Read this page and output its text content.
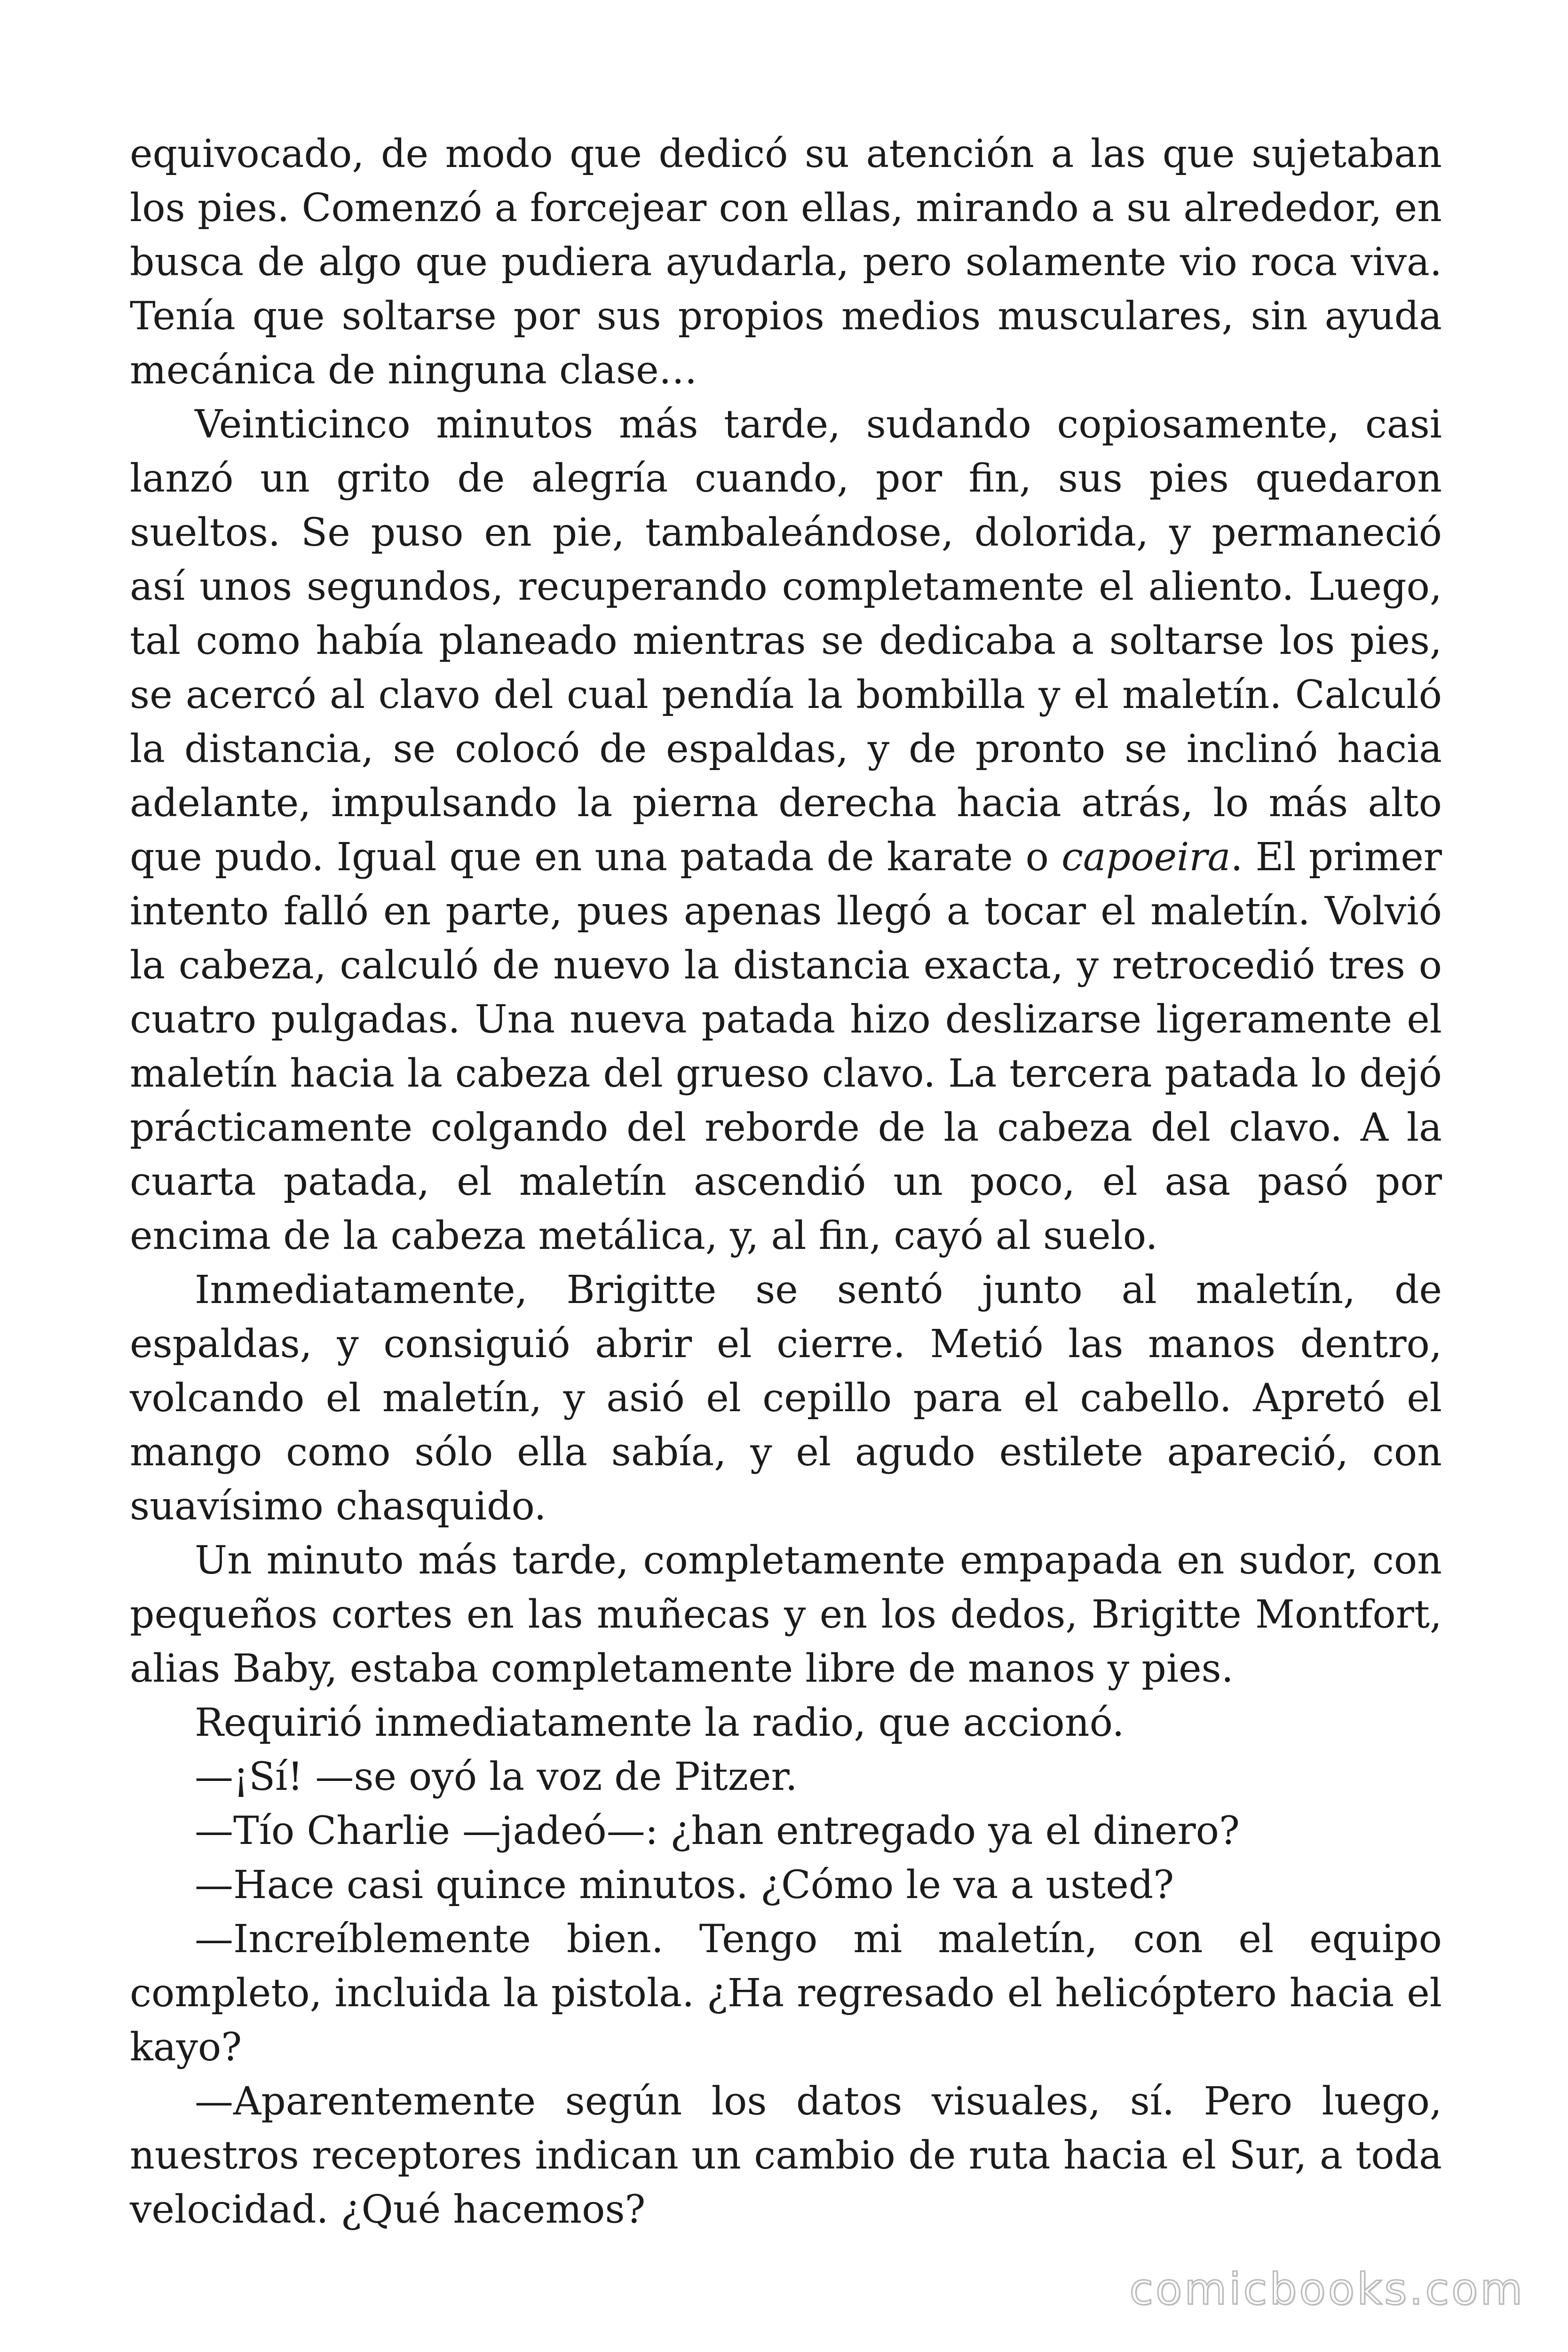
equivocado, de modo que dedicó su atención a las que sujetaban los pies. Comenzó a forcejear con ellas, mirando a su alrededor, en busca de algo que pudiera ayudarla, pero solamente vio roca viva. Tenía que soltarse por sus propios medios musculares, sin ayuda mecánica de ninguna clase…

Veinticinco minutos más tarde, sudando copiosamente, casi lanzó un grito de alegría cuando, por fin, sus pies quedaron sueltos. Se puso en pie, tambaleándose, dolorida, y permaneció así unos segundos, recuperando completamente el aliento. Luego, tal como había planeado mientras se dedicaba a soltarse los pies, se acercó al clavo del cual pendía la bombilla y el maletín. Calculó la distancia, se colocó de espaldas, y de pronto se inclinó hacia adelante, impulsando la pierna derecha hacia atrás, lo más alto que pudo. Igual que en una patada de karate o capoeira. El primer intento falló en parte, pues apenas llegó a tocar el maletín. Volvió la cabeza, calculó de nuevo la distancia exacta, y retrocedió tres o cuatro pulgadas. Una nueva patada hizo deslizarse ligeramente el maletín hacia la cabeza del grueso clavo. La tercera patada lo dejó prácticamente colgando del reborde de la cabeza del clavo. A la cuarta patada, el maletín ascendió un poco, el asa pasó por encima de la cabeza metálica, y, al fin, cayó al suelo.

Inmediatamente, Brigitte se sentó junto al maletín, de espaldas, y consiguió abrir el cierre. Metió las manos dentro, volcando el maletín, y asió el cepillo para el cabello. Apretó el mango como sólo ella sabía, y el agudo estilete apareció, con suavísimo chasquido.

Un minuto más tarde, completamente empapada en sudor, con pequeños cortes en las muñecas y en los dedos, Brigitte Montfort, alias Baby, estaba completamente libre de manos y pies.

Requirió inmediatamente la radio, que accionó.

—¡Sí! —se oyó la voz de Pitzer.

—Tío Charlie —jadeó—: ¿han entregado ya el dinero?

—Hace casi quince minutos. ¿Cómo le va a usted?

—Increíblemente bien. Tengo mi maletín, con el equipo completo, incluida la pistola. ¿Ha regresado el helicóptero hacia el kayo?

—Aparentemente según los datos visuales, sí. Pero luego, nuestros receptores indican un cambio de ruta hacia el Sur, a toda velocidad. ¿Qué hacemos?

comicbooks.com
